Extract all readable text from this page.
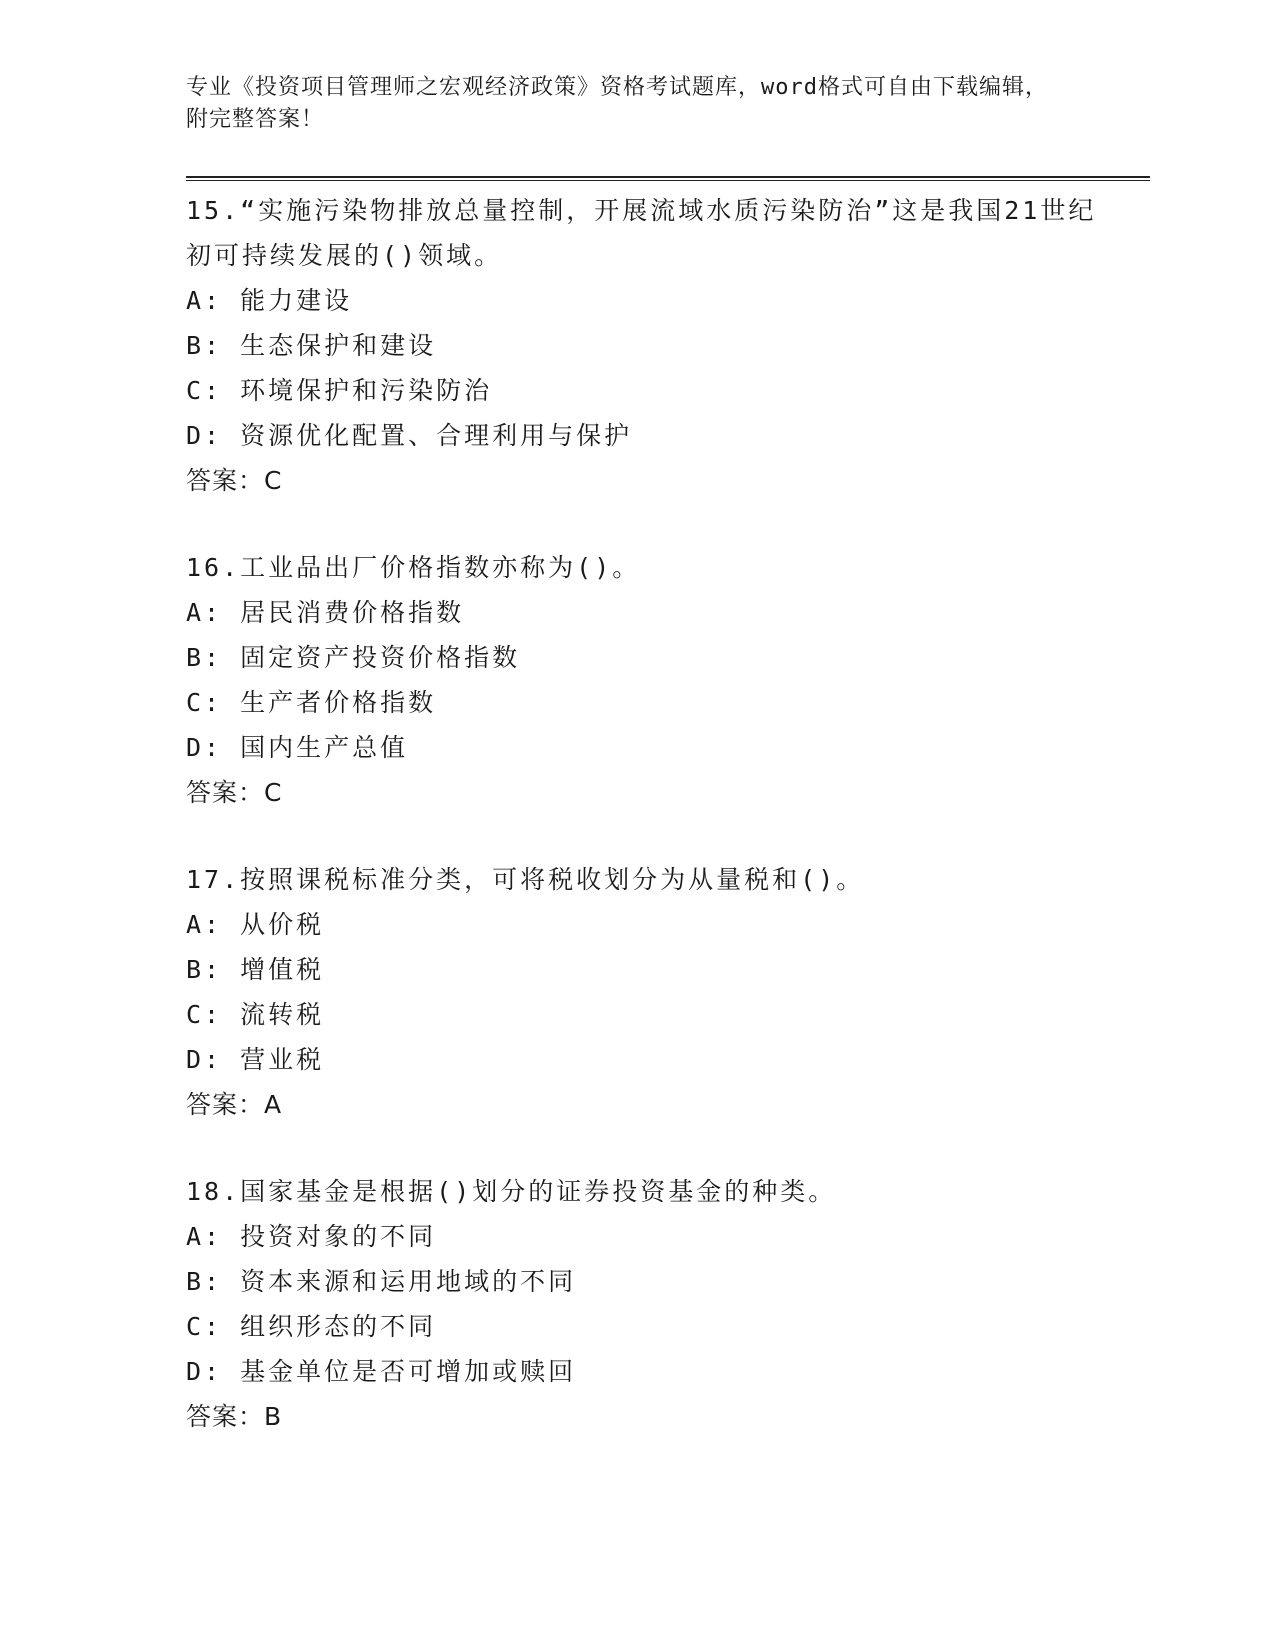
专业《投资项目管理师之宏观经济政策》资格考试题库，word格式可自由下载编辑，附完整答案！

15.“实施污染物排放总量控制，开展流域水质污染防治”这是我国21世纪初可持续发展的()领域。

A: 能力建设

B: 生态保护和建设

C: 环境保护和污染防治

D: 资源优化配置、合理利用与保护

答案：C

16.工业品出厂价格指数亦称为()。

A: 居民消费价格指数

B: 固定资产投资价格指数

C: 生产者价格指数

D: 国内生产总值

答案：C

17.按照课税标准分类，可将税收划分为从量税和()。

A: 从价税

B: 增值税

C: 流转税

D: 营业税

答案：A

18.国家基金是根据()划分的证券投资基金的种类。

A: 投资对象的不同

B: 资本来源和运用地域的不同

C: 组织形态的不同

D: 基金单位是否可增加或赎回

答案：B
